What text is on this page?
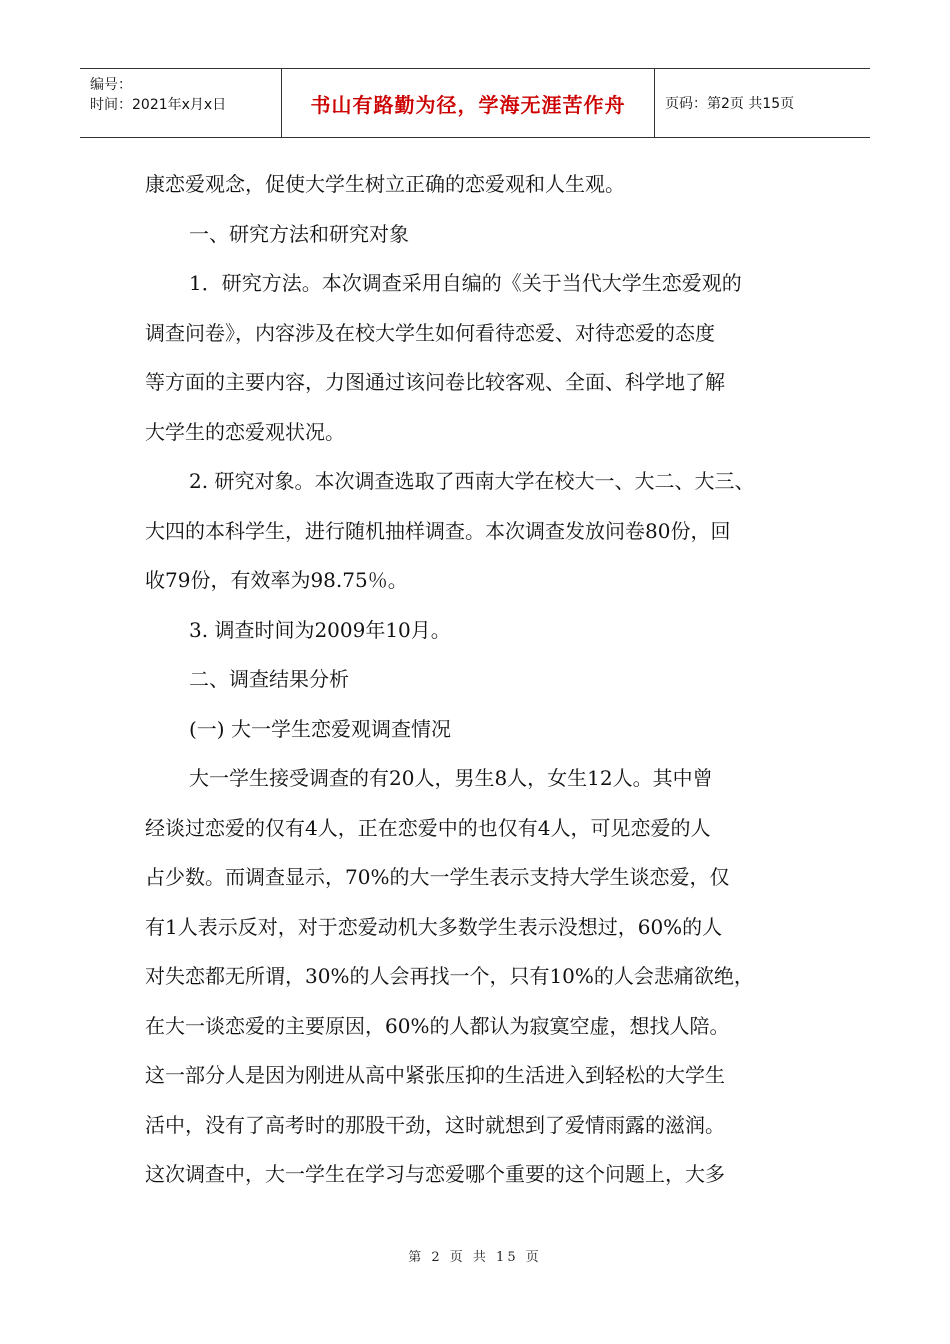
编号：
时间：2021年x月x日	书山有路勤为径，学海无涯苦作舟	页码：第2页 共15页

康恋爱观念，促使大学生树立正确的恋爱观和人生观。

一、研究方法和研究对象

1．研究方法。本次调查采用自编的《关于当代大学生恋爱观的

调查问卷》，内容涉及在校大学生如何看待恋爱、对待恋爱的态度

等方面的主要内容，力图通过该问卷比较客观、全面、科学地了解

大学生的恋爱观状况。

2. 研究对象。本次调查选取了西南大学在校大一、大二、大三、

大四的本科学生，进行随机抽样调查。本次调查发放问卷80份，回

收79份，有效率为98.75％。

3. 调查时间为2009年10月。

二、调查结果分析

(一) 大一学生恋爱观调查情况

大一学生接受调查的有20人，男生8人，女生12人。其中曾

经谈过恋爱的仅有4人，正在恋爱中的也仅有4人，可见恋爱的人

占少数。而调查显示，70%的大一学生表示支持大学生谈恋爱，仅

有1人表示反对，对于恋爱动机大多数学生表示没想过，60%的人

对失恋都无所谓，30%的人会再找一个，只有10%的人会悲痛欲绝，

在大一谈恋爱的主要原因，60%的人都认为寂寞空虚，想找人陪。

这一部分人是因为刚进从高中紧张压抑的生活进入到轻松的大学生

活中，没有了高考时的那股干劲，这时就想到了爱情雨露的滋润。

这次调查中，大一学生在学习与恋爱哪个重要的这个问题上，大多

第 2 页 共 15 页
